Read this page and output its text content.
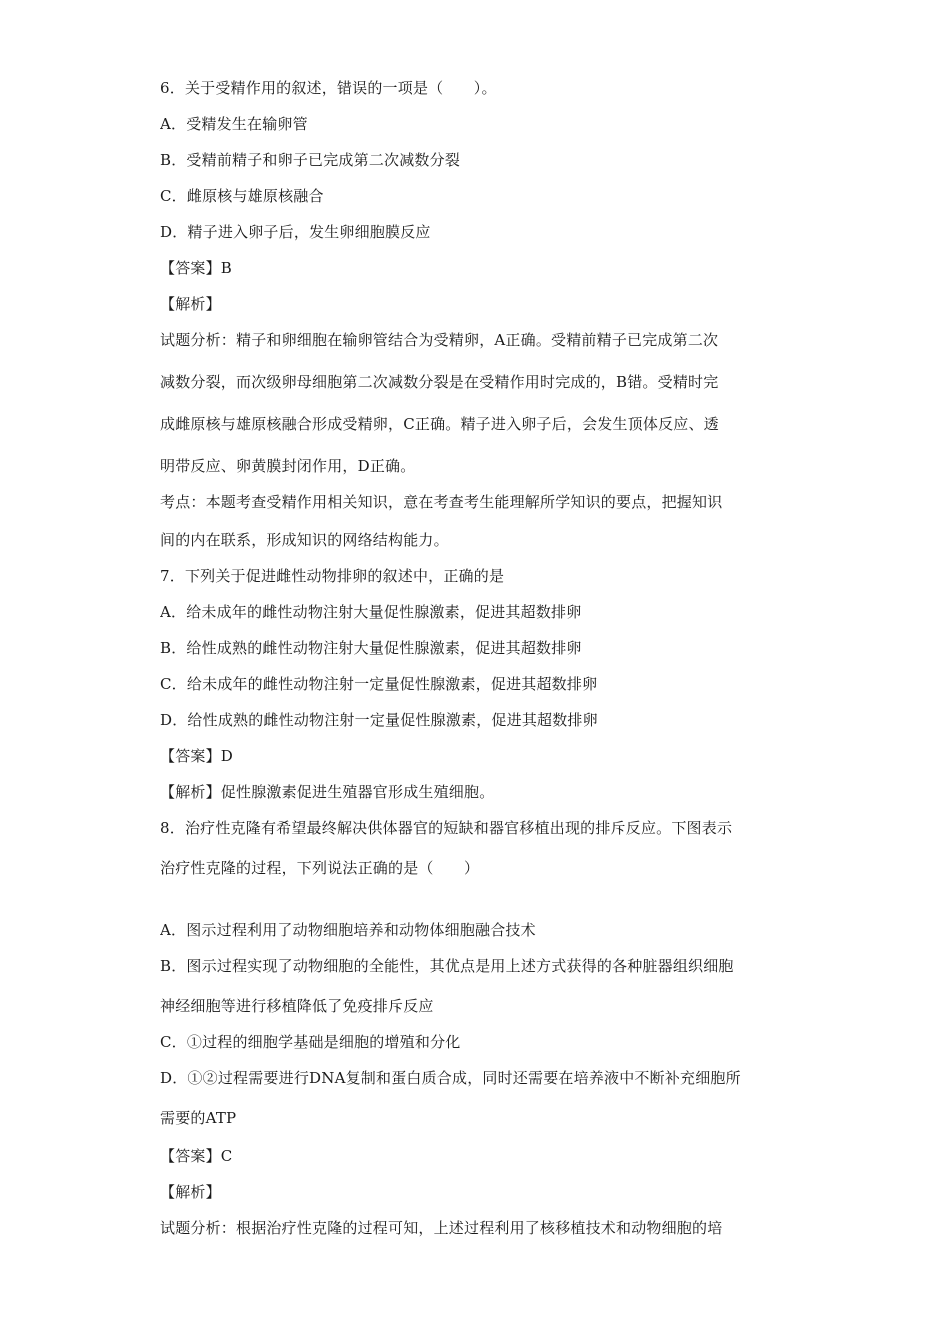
6．关于受精作用的叙述，错误的一项是（　　）。
A．受精发生在输卵管
B．受精前精子和卵子已完成第二次减数分裂
C．雌原核与雄原核融合
D．精子进入卵子后，发生卵细胞膜反应
【答案】B
【解析】
试题分析：精子和卵细胞在输卵管结合为受精卵，A正确。受精前精子已完成第二次
减数分裂，而次级卵母细胞第二次减数分裂是在受精作用时完成的，B错。受精时完
成雌原核与雄原核融合形成受精卵，C正确。精子进入卵子后，会发生顶体反应、透
明带反应、卵黄膜封闭作用，D正确。
考点：本题考查受精作用相关知识，意在考查考生能理解所学知识的要点，把握知识
间的内在联系，形成知识的网络结构能力。
7．下列关于促进雌性动物排卵的叙述中，正确的是
A．给未成年的雌性动物注射大量促性腺激素，促进其超数排卵
B．给性成熟的雌性动物注射大量促性腺激素，促进其超数排卵
C．给未成年的雌性动物注射一定量促性腺激素，促进其超数排卵
D．给性成熟的雌性动物注射一定量促性腺激素，促进其超数排卵
【答案】D
【解析】促性腺激素促进生殖器官形成生殖细胞。
8．治疗性克隆有希望最终解决供体器官的短缺和器官移植出现的排斥反应。下图表示
治疗性克隆的过程，下列说法正确的是（　　）
A．图示过程利用了动物细胞培养和动物体细胞融合技术
B．图示过程实现了动物细胞的全能性，其优点是用上述方式获得的各种脏器组织细胞
神经细胞等进行移植降低了免疫排斥反应
C．①过程的细胞学基础是细胞的增殖和分化
D．①②过程需要进行DNA复制和蛋白质合成，同时还需要在培养液中不断补充细胞所
需要的ATP
【答案】C
【解析】
试题分析：根据治疗性克隆的过程可知，上述过程利用了核移植技术和动物细胞的培
